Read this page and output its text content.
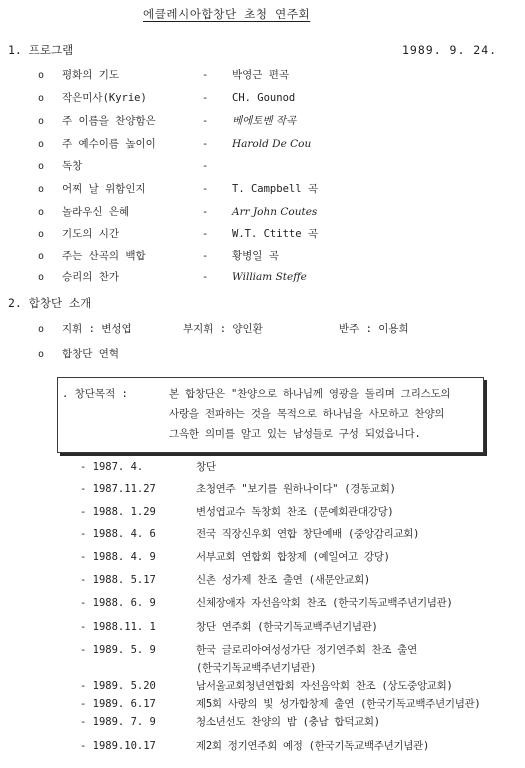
에클레시아합창단 초청 연주회
1989. 9. 24.
1. 프로그램
o 평화의 기도	- 박영근 편곡
o 작은미사(Kyrie)	- CH. Gounod
o 주 이름을 찬양함은	- 베에토벤 작곡
o 주 예수이름 높이이	- Harold De Cou
o 독창	-
o 어찌 날 위함인지	- T. Campbell 곡
o 놀라우신 은혜	- Arr John Coutes
o 기도의 시간	- W.T. Ctitte 곡
o 주는 산곡의 백합	- 황병일 곡
o 승리의 찬가	- William Steffe
2. 합창단 소개
o 지휘 : 변성엽	부지휘 : 양인환	반주 : 이용희
o 합창단 연혁
. 창단목적 :	본 합창단은 "찬양으로 하나님께 영광을 돌리며 그리스도의
사랑을 전파하는 것을 목적으로 하나님을 사모하고 찬양의
그윽한 의미를 알고 있는 남성들로 구성 되었읍니다.
- 1987. 4.	창단
- 1987.11.27	초청연주 "보기를 원하나이다" (경동교회)
- 1988. 1.29	변성엽교수 독창회 찬조 (문예회관대강당)
- 1988. 4. 6	전국 직장신우회 연합 창단예배 (중앙감리교회)
- 1988. 4. 9	서부교회 연합회 합창제 (예일여고 강당)
- 1988. 5.17	신촌 성가제 찬조 출연 (새문안교회)
- 1988. 6. 9	신체장애자 자선음악회 찬조 (한국기독교백주년기념관)
- 1988.11. 1	창단 연주회 (한국기독교백주년기념관)
- 1989. 5. 9	한국 글로리아여성성가단 정기연주회 찬조 출연
(한국기독교백주년기념관)
- 1989. 5.20	남서울교회청년연합회 자선음악회 찬조 (상도중앙교회)
- 1989. 6.17	제5회 사랑의 빛 성가합창제 출연 (한국기독교백주년기념관)
- 1989. 7. 9	청소년선도 찬양의 밤 (충남 합덕교회)
- 1989.10.17	제2회 정기연주회 예정 (한국기독교백주년기념관)
